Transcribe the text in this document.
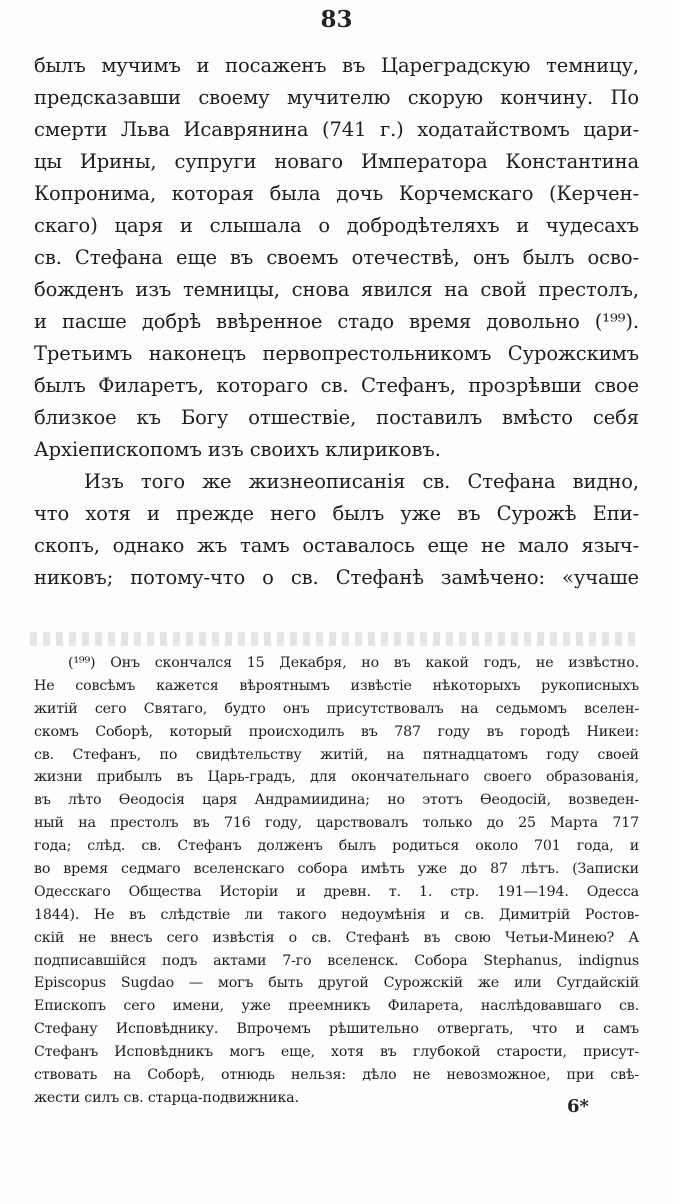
83
былъ мучимъ и посаженъ въ Цареградскую темницу,
предсказавши своему мучителю скорую кончину. По
смерти Льва Исаврянина (741 г.) ходатайствомъ цари-
цы Ирины, супруги новаго Императора Константина
Копронима, которая была дочь Корчемскаго (Керчен-
скаго) царя и слышала о добродѣтеляхъ и чудесахъ
св. Стефана еще въ своемъ отечествѣ, онъ былъ осво-
божденъ изъ темницы, снова явился на свой престолъ,
и пасше добрѣ ввѣренное стадо время довольно (¹⁹⁹).
Третьимъ наконецъ первопрестольникомъ Сурожскимъ
былъ Филаретъ, котораго св. Стефанъ, прозрѣвши свое
близкое къ Богу отшествіе, поставилъ вмѣсто себя
Архіепископомъ изъ своихъ клириковъ.
Изъ того же жизнеописанія св. Стефана видно,
что хотя и прежде него былъ уже въ Сурожѣ Епи-
скопъ, однако жъ тамъ оставалось еще не мало языч-
никовъ; потому-что о св. Стефанѣ замѣчено: «учаше
(¹⁹⁹) Онъ скончался 15 Декабря, но въ какой годъ, не извѣстно.
Не совсѣмъ кажется вѣроятнымъ извѣстіе нѣкоторыхъ рукописныхъ
житій сего Святаго, будто онъ присутствовалъ на седьмомъ вселен-
скомъ Соборѣ, который происходилъ въ 787 году въ городѣ Никеи:
св. Стефанъ, по свидѣтельству житій, на пятнадцатомъ году своей
жизни прибылъ въ Царь-градъ, для окончательнаго своего образованія,
въ лѣто Ѳеодосія царя Андрамиидина; но этотъ Ѳеодосій, возведен-
ный на престолъ въ 716 году, царствовалъ только до 25 Марта 717
года; слѣд. св. Стефанъ долженъ былъ родиться около 701 года, и
во время седмаго вселенскаго собора имѣть уже до 87 лѣтъ. (Записки
Одесскаго Общества Исторіи и древн. т. 1. стр. 191—194. Одесса
1844). Не въ слѣдствіе ли такого недоумѣнія и св. Димитрій Ростов-
скій не внесъ сего извѣстія о св. Стефанѣ въ свою Четьи-Минею? А
подписавшійся подъ актами 7-го вселенск. Собора Stephanus, indignus
Episcopus Sugdao — могъ быть другой Сурожскій же или Сугдайскій
Епископъ сего имени, уже преемникъ Филарета, наслѣдовавшаго св.
Стефану Исповѣднику. Впрочемъ рѣшительно отвергать, что и самъ
Стефанъ Исповѣдникъ могъ еще, хотя въ глубокой старости, присут-
ствовать на Соборѣ, отнюдь нельзя: дѣло не невозможное, при свѣ-
жести силъ св. старца-подвижника.	6*
